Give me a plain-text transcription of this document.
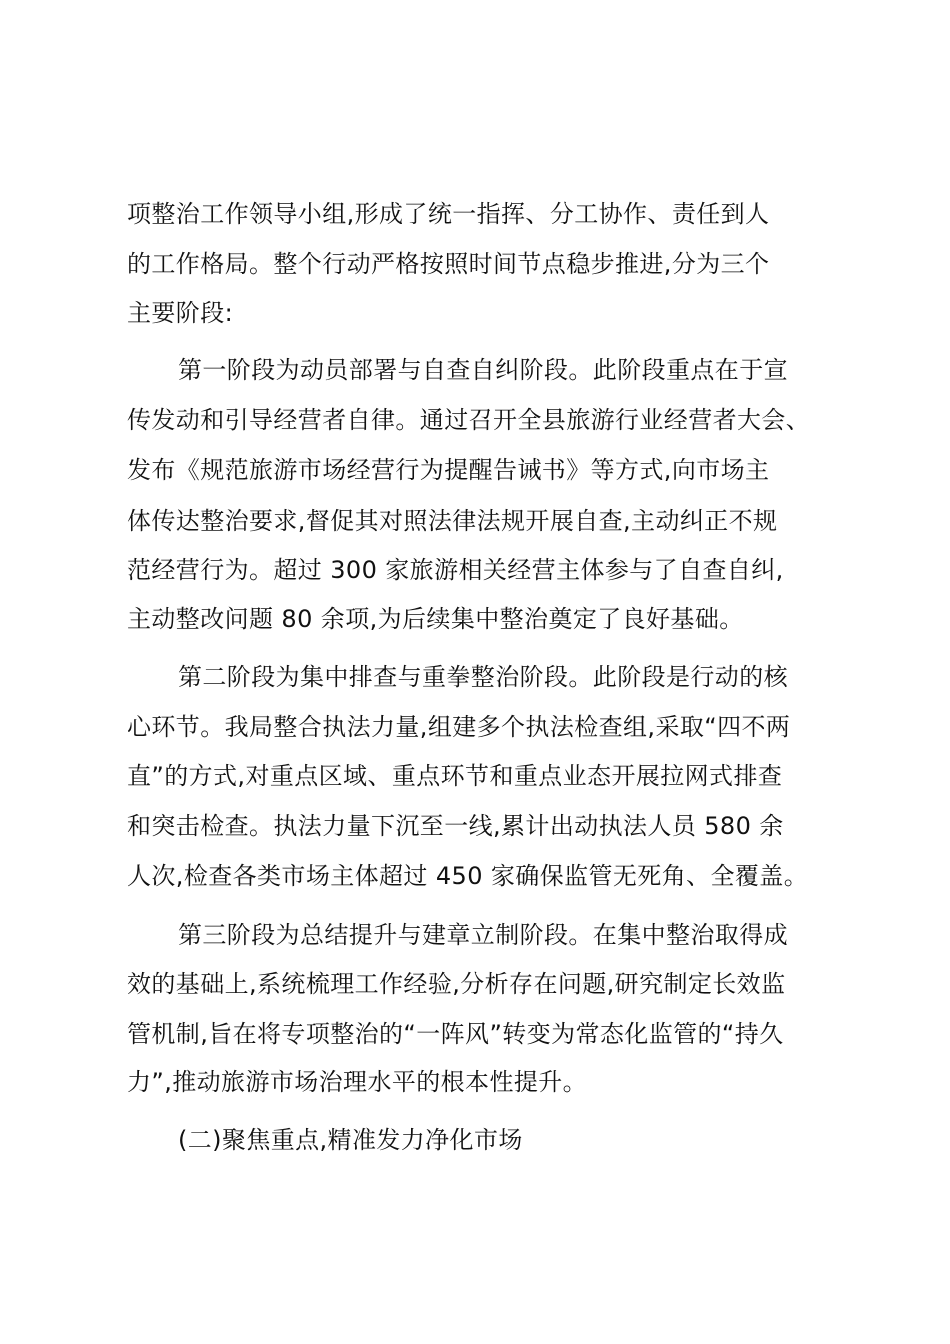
项整治工作领导小组,形成了统一指挥、分工协作、责任到人
的工作格局。整个行动严格按照时间节点稳步推进,分为三个
主要阶段:
第一阶段为动员部署与自查自纠阶段。此阶段重点在于宣
传发动和引导经营者自律。通过召开全县旅游行业经营者大会、
发布《规范旅游市场经营行为提醒告诫书》等方式,向市场主
体传达整治要求,督促其对照法律法规开展自查,主动纠正不规
范经营行为。超过 300 家旅游相关经营主体参与了自查自纠,
主动整改问题 80 余项,为后续集中整治奠定了良好基础。
第二阶段为集中排查与重拳整治阶段。此阶段是行动的核
心环节。我局整合执法力量,组建多个执法检查组,采取“四不两
直”的方式,对重点区域、重点环节和重点业态开展拉网式排查
和突击检查。执法力量下沉至一线,累计出动执法人员 580 余
人次,检查各类市场主体超过 450 家确保监管无死角、全覆盖。
第三阶段为总结提升与建章立制阶段。在集中整治取得成
效的基础上,系统梳理工作经验,分析存在问题,研究制定长效监
管机制,旨在将专项整治的“一阵风”转变为常态化监管的“持久
力”,推动旅游市场治理水平的根本性提升。
(二)聚焦重点,精准发力净化市场
